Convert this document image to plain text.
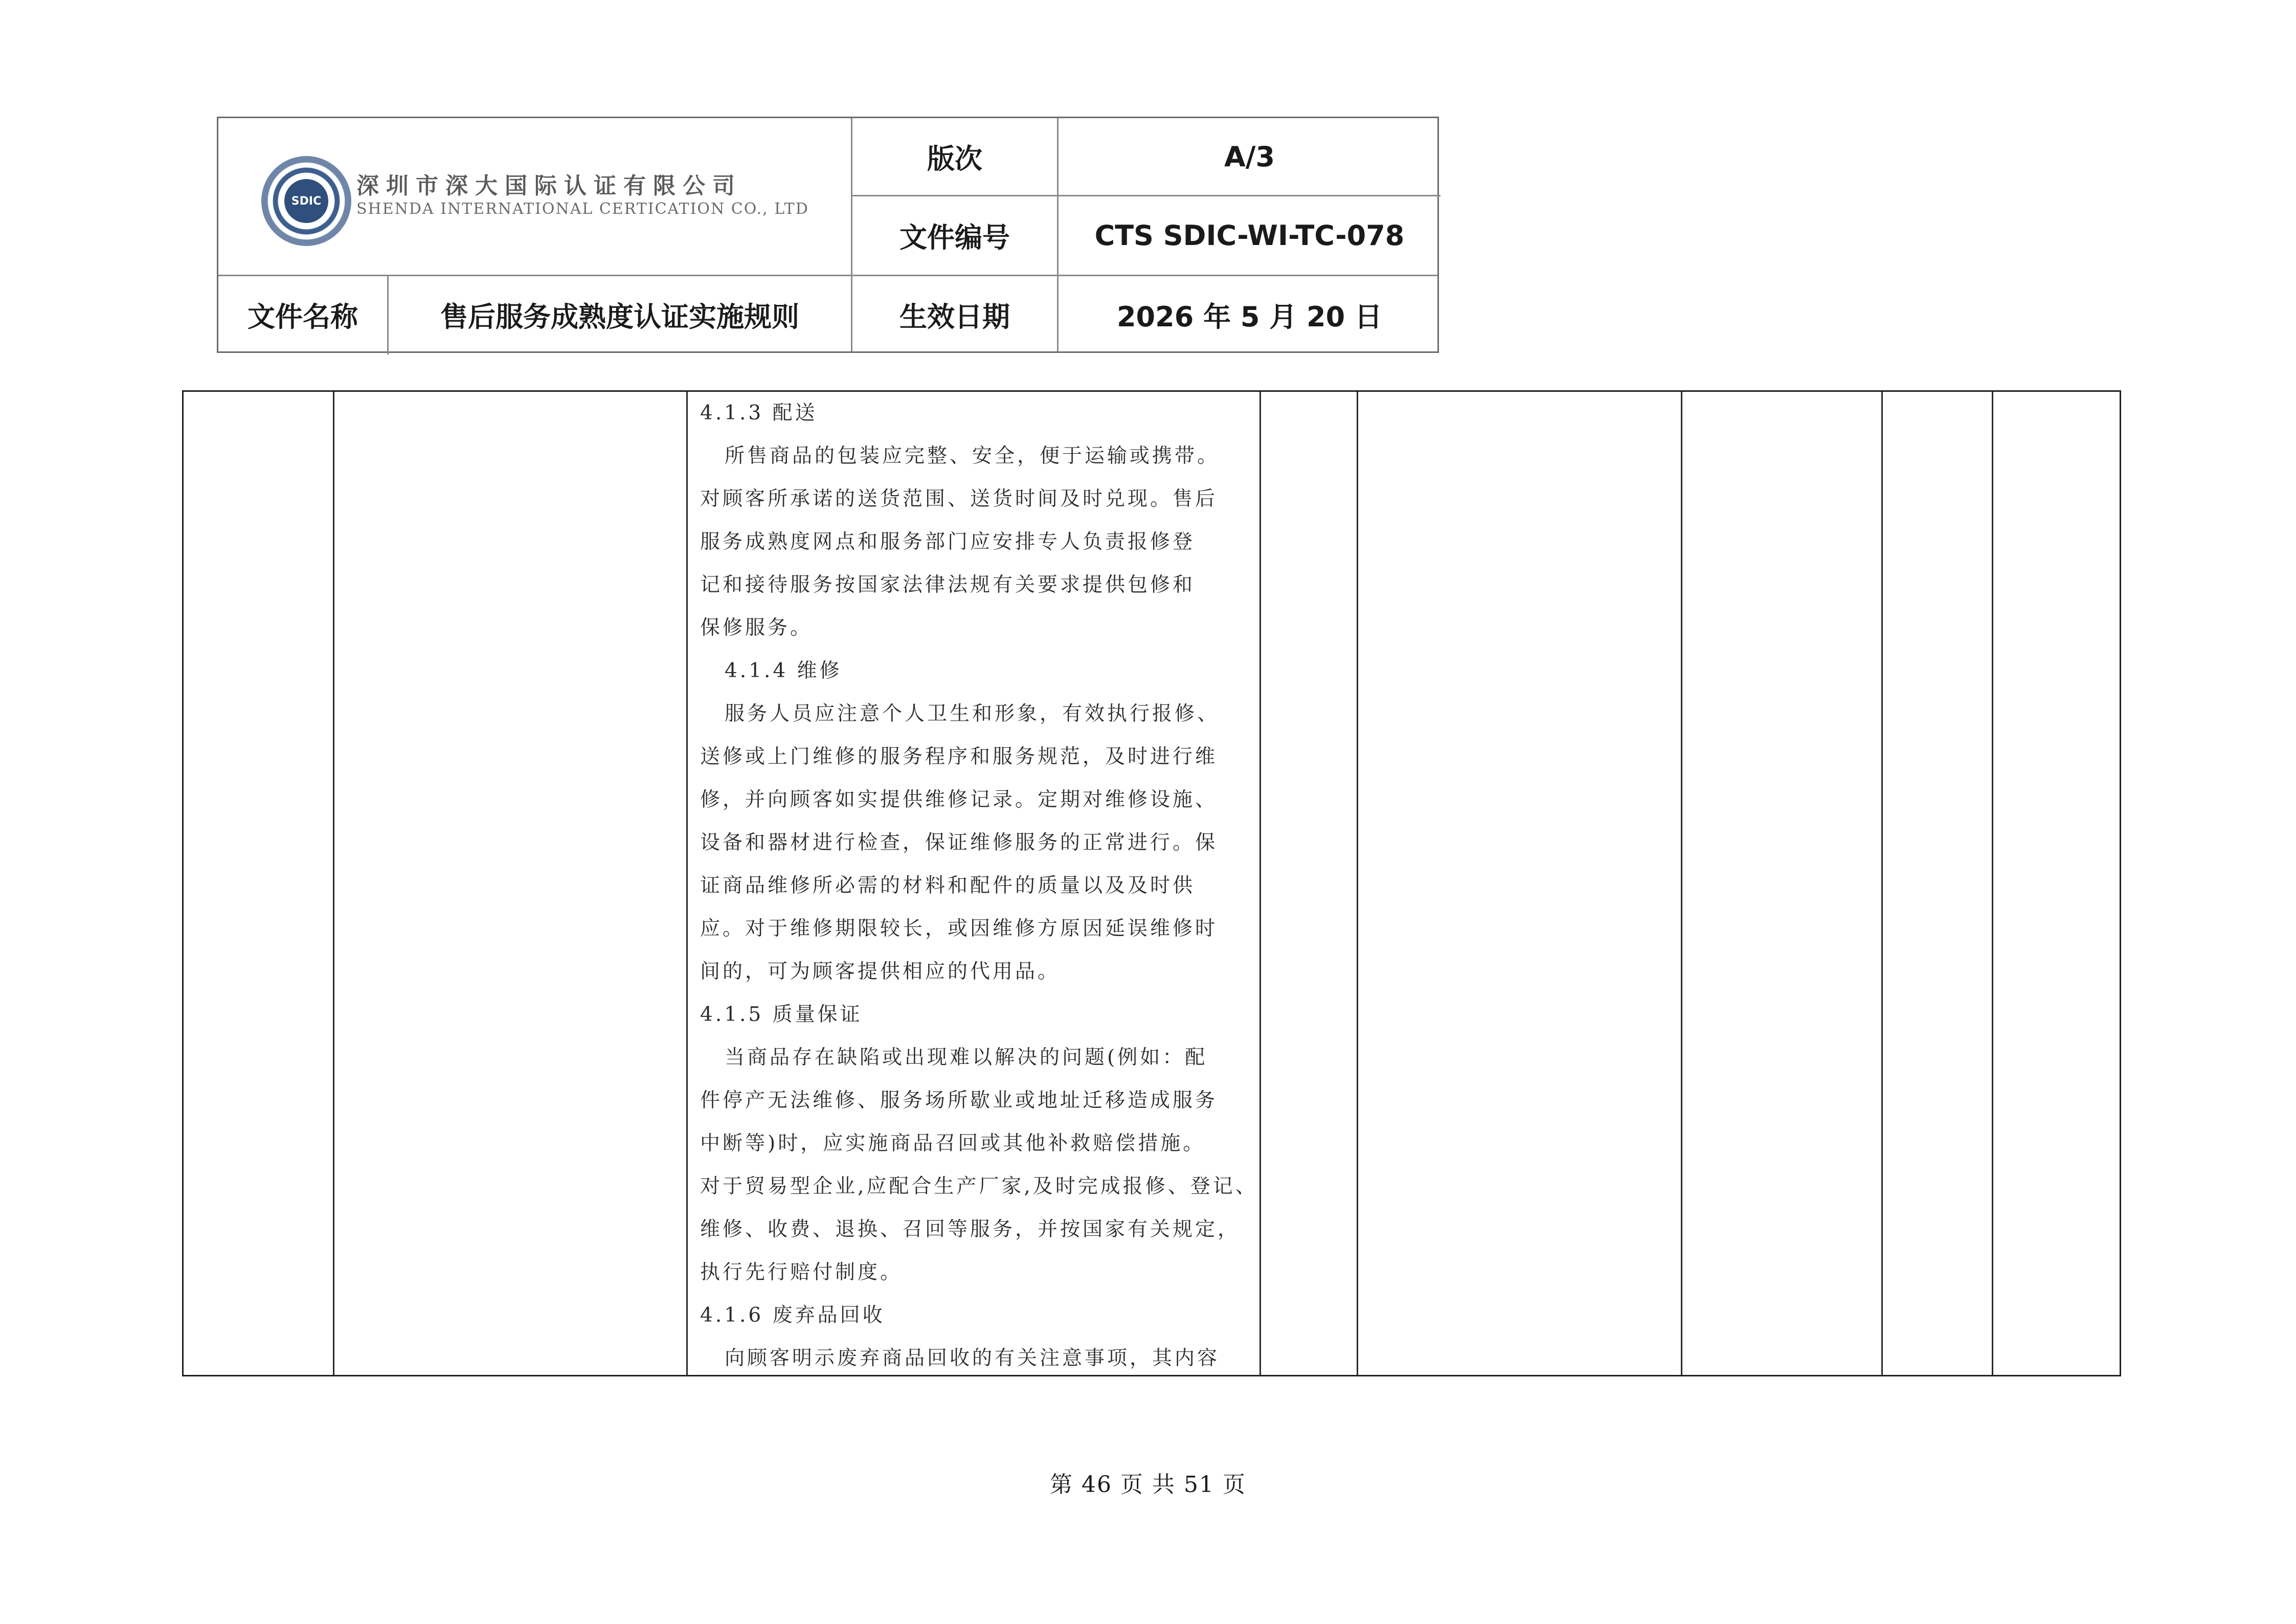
SDIC
深圳市深大国际认证有限公司
SHENDA INTERNATIONAL CERTICATION CO., LTD
版次	A/3
文件编号	CTS SDIC-WI-TC-078
文件名称	售后服务成熟度认证实施规则	生效日期	2026 年 5 月 20 日
4.1.3 配送
所售商品的包装应完整、安全，便于运输或携带。
对顾客所承诺的送货范围、送货时间及时兑现。售后
服务成熟度网点和服务部门应安排专人负责报修登
记和接待服务按国家法律法规有关要求提供包修和
保修服务。
4.1.4 维修
服务人员应注意个人卫生和形象，有效执行报修、
送修或上门维修的服务程序和服务规范，及时进行维
修，并向顾客如实提供维修记录。定期对维修设施、
设备和器材进行检查，保证维修服务的正常进行。保
证商品维修所必需的材料和配件的质量以及及时供
应。对于维修期限较长，或因维修方原因延误维修时
间的，可为顾客提供相应的代用品。
4.1.5 质量保证
当商品存在缺陷或出现难以解决的问题(例如：配
件停产无法维修、服务场所歇业或地址迁移造成服务
中断等)时，应实施商品召回或其他补救赔偿措施。
对于贸易型企业,应配合生产厂家,及时完成报修、登记、
维修、收费、退换、召回等服务，并按国家有关规定，
执行先行赔付制度。
4.1.6 废弃品回收
向顾客明示废弃商品回收的有关注意事项，其内容
第 46 页 共 51 页
